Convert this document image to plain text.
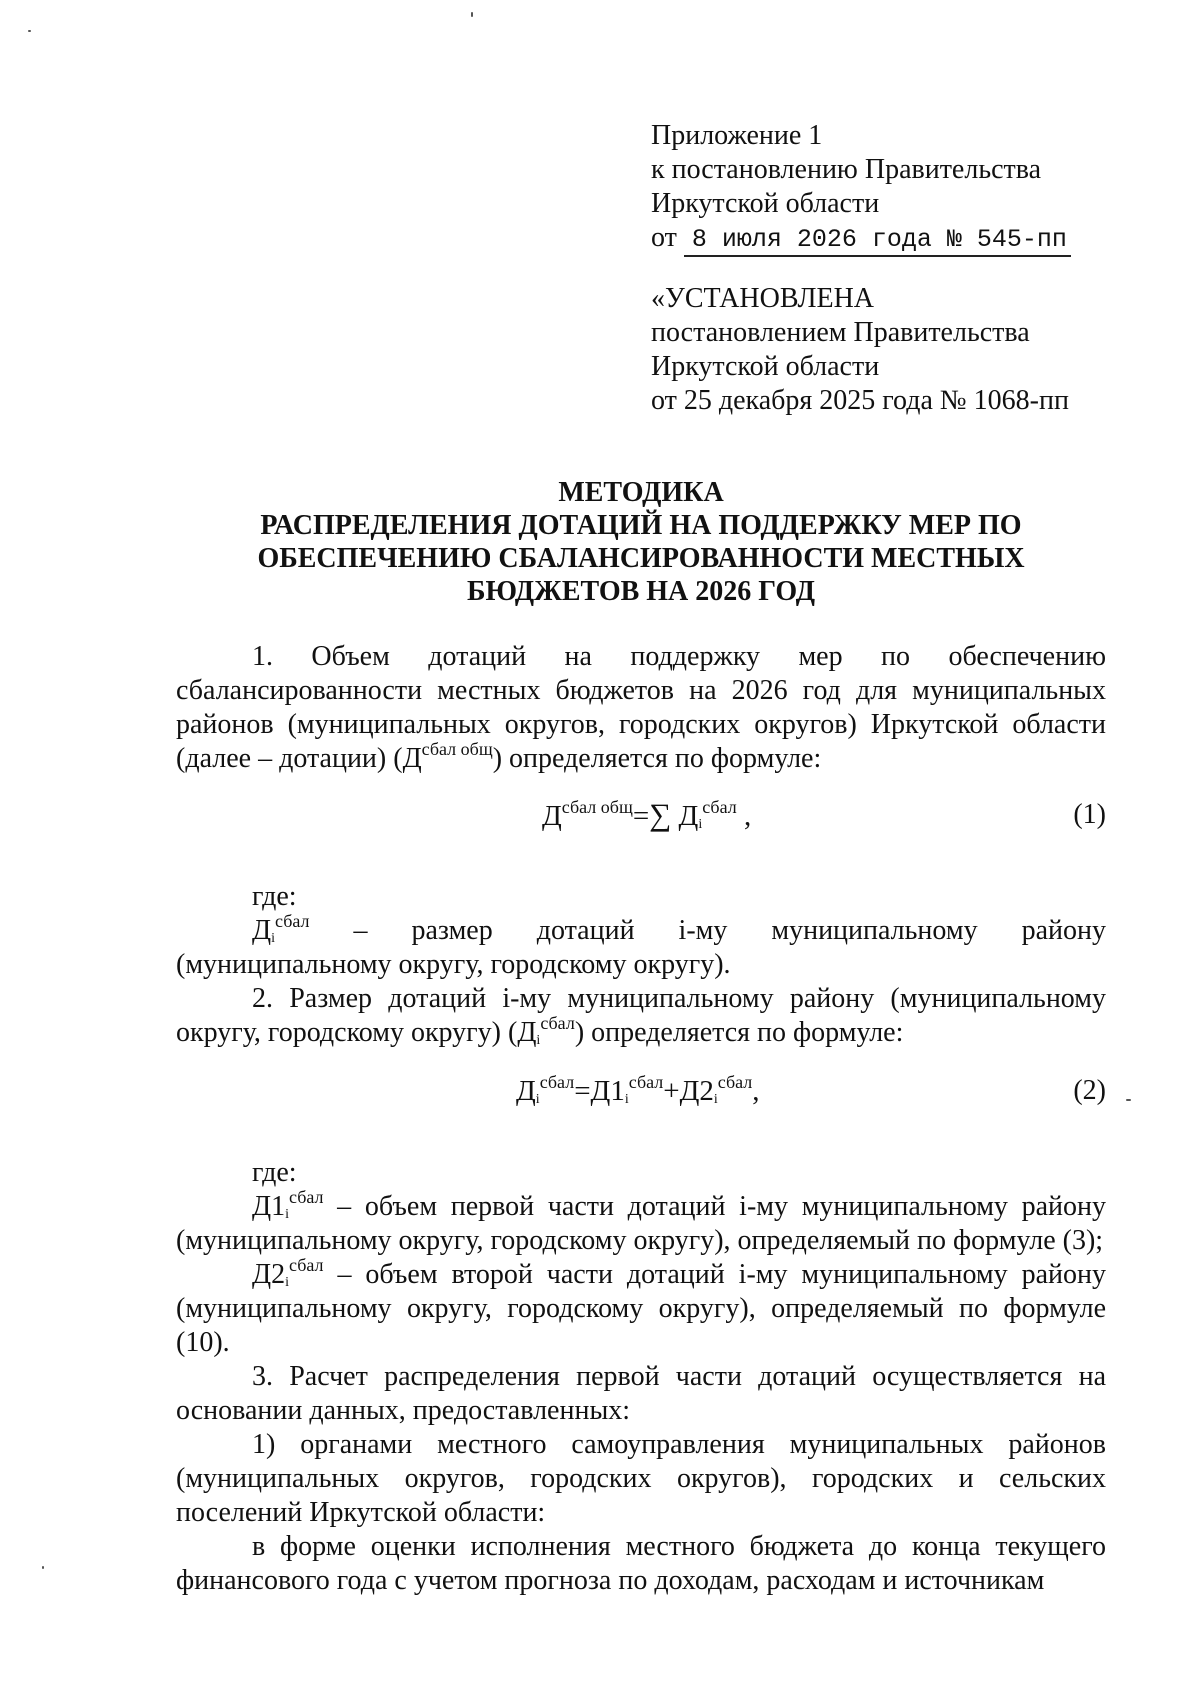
Приложение 1
к постановлению Правительства
Иркутской области
от 8 июля 2026 года № 545-пп
«УСТАНОВЛЕНА
постановлением Правительства
Иркутской области
от 25 декабря 2025 года № 1068-пп
МЕТОДИКА
РАСПРЕДЕЛЕНИЯ ДОТАЦИЙ НА ПОДДЕРЖКУ МЕР ПО
ОБЕСПЕЧЕНИЮ СБАЛАНСИРОВАННОСТИ МЕСТНЫХ
БЮДЖЕТОВ НА 2026 ГОД

1. Объем дотаций на поддержку мер по обеспечению сбалансированности местных бюджетов на 2026 год для муниципальных районов (муниципальных округов, городских округов) Иркутской области (далее – дотации) $(Д^{сбал общ})$ определяется по формуле:

$Д^{сбал общ}=\sum$ $Д_i^{сбал}$ ,	(1)

где:

$Д_i^{сбал}$ – размер дотаций i-му муниципальному району (муниципальному округу, городскому округу).

2. Размер дотаций i-му муниципальному району (муниципальному округу, городскому округу) $(Д_i^{сбал})$ определяется по формуле:

$Д_i^{сбал}=Д1_i^{сбал}+Д2_i^{сбал}$,	(2)

где:

$Д1_i^{сбал}$ – объем первой части дотаций i-му муниципальному району (муниципальному округу, городскому округу), определяемый по формуле (3);

$Д2_i^{сбал}$ – объем второй части дотаций i-му муниципальному району (муниципальному округу, городскому округу), определяемый по формуле (10).

3. Расчет распределения первой части дотаций осуществляется на основании данных, предоставленных:

1) органами местного самоуправления муниципальных районов (муниципальных округов, городских округов), городских и сельских поселений Иркутской области:

в форме оценки исполнения местного бюджета до конца текущего финансового года с учетом прогноза по доходам, расходам и источникам
